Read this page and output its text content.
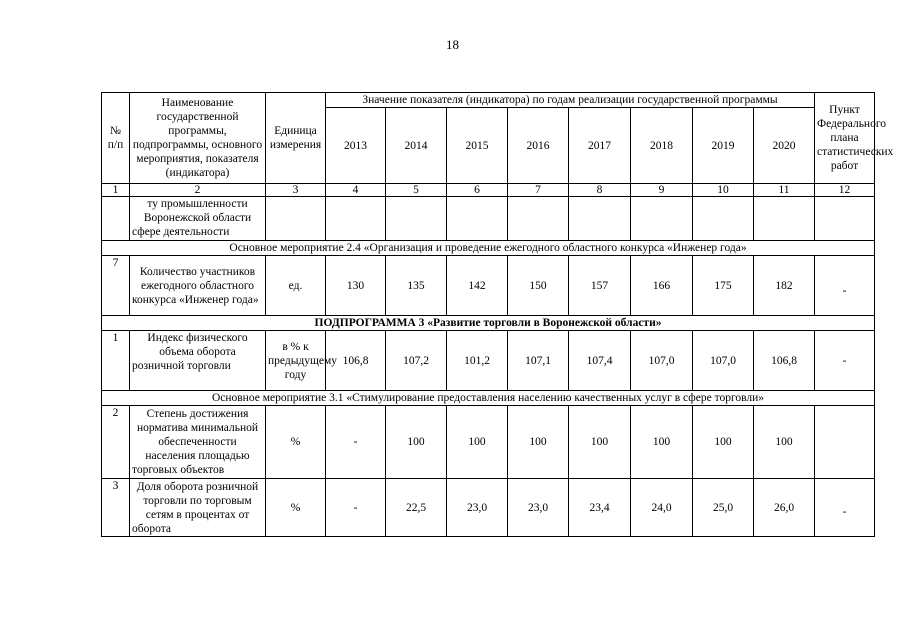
18
№ п/п	Наименование государственной программы, подпрограммы, основного мероприятия, показателя (индикатора)	Единица измерения	Значение показателя (индикатора) по годам реализации государственной программы								Пункт Федерального плана статистических работ
			2013	2014	2015	2016	2017	2018	2019	2020	
1	2	3	4	5	6	7	8	9	10	11	12
	ту промышленности Воронежской области сфере деятельности										
Основное мероприятие 2.4 «Организация и проведение ежегодного областного конкурса «Инженер года»											
7	Количество участников ежегодного областного конкурса «Инженер года»	ед.	130	135	142	150	157	166	175	182	-
ПОДПРОГРАММА 3 «Развитие торговли в Воронежской области»											
1	Индекс физического объема оборота розничной торговли	в % к предыдущему году	106,8	107,2	101,2	107,1	107,4	107,0	107,0	106,8	-
Основное мероприятие 3.1 «Стимулирование предоставления населению качественных услуг в сфере торговли»											
2	Степень достижения норматива минимальной обеспеченности населения площадью торговых объектов	%	-	100	100	100	100	100	100	100	
3	Доля оборота розничной торговли по торговым сетям в процентах от оборота	%	-	22,5	23,0	23,0	23,4	24,0	25,0	26,0	-
